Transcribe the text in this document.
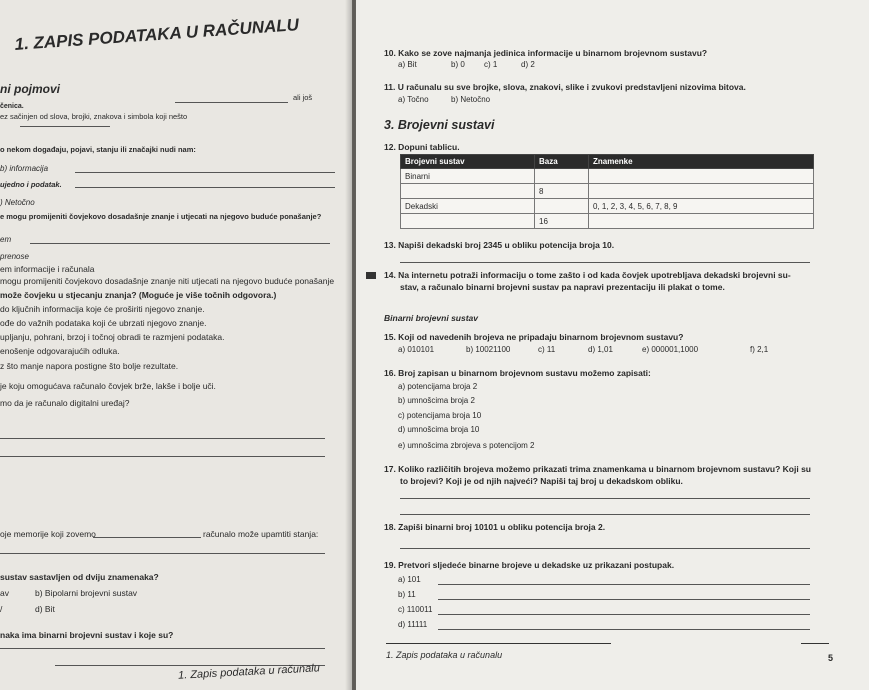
1. ZAPIS PODATAKA U RAČUNALU
ni pojmovi
čenica.
ez sačinjen od slova, brojki, znakova i simbola koji nešto
ali još
o nekom događaju, pojavi, stanju ili značajki nudi nam:
b) informacija
ujedno i podatak.
) Netočno
e mogu promijeniti čovjekovo dosadašnje znanje i utjecati na njegovo buduće ponašanje?
em
prenose
em informacije i računala
mogu promijeniti čovjekovo dosadašnje znanje niti utjecati na njegovo buduće ponašanje
može čovjeku u stjecanju znanja? (Moguće je više točnih odgovora.)
do ključnih informacija koje će proširiti njegovo znanje.
ođe do važnih podataka koji će ubrzati njegovo znanje.
upljanju, pohrani, brzoj i točnoj obradi te razmjeni podataka.
enošenje odgovarajućih odluka.
z što manje napora postigne što bolje rezultate.
je koju omogućava računalo čovjek brže, lakše i bolje uči.
mo da je računalo digitalni uređaj?
oje memorije koji zovemo	računalo može upamtiti stanja:
sustav sastavljen od dviju znamenaka?
av	b) Bipolarni brojevni sustav
/	d) Bit
naka ima binarni brojevni sustav i koje su?
1. Zapis podataka u računalu
10. Kako se zove najmanja jedinica informacije u binarnom brojevnom sustavu?
a) Bit	b) 0 c) 1	d) 2
11. U računalu su sve brojke, slova, znakovi, slike i zvukovi predstavljeni nizovima bitova.
a) Točno	b) Netočno
3. Brojevni sustavi
12. Dopuni tablicu.
Brojevni sustav	Baza	Znamenke
Binarni		
	8	
Dekadski		0, 1, 2, 3, 4, 5, 6, 7, 8, 9
	16	
13. Napiši dekadski broj 2345 u obliku potencija broja 10.
14. Na internetu potraži informaciju o tome zašto i od kada čovjek upotrebljava dekadski brojevni su-
stav, a računalo binarni brojevni sustav pa napravi prezentaciju ili plakat o tome.
Binarni brojevni sustav
15. Koji od navedenih brojeva ne pripadaju binarnom brojevnom sustavu?
a) 010101	b) 10021100	c) 11	d) 1,01	e) 000001,1000	f) 2,1
16. Broj zapisan u binarnom brojevnom sustavu možemo zapisati:
a) potencijama broja 2
b) umnošcima broja 2
c) potencijama broja 10
d) umnošcima broja 10
e) umnošcima zbrojeva s potencijom 2
17. Koliko različitih brojeva možemo prikazati trima znamenkama u binarnom brojevnom sustavu? Koji su
to brojevi? Koji je od njih najveći? Napiši taj broj u dekadskom obliku.
18. Zapiši binarni broj 10101 u obliku potencija broja 2.
19. Pretvori sljedeće binarne brojeve u dekadske uz prikazani postupak.
a) 101
b) 11
c) 110011
d) 11111
1. Zapis podataka u računalu	5
